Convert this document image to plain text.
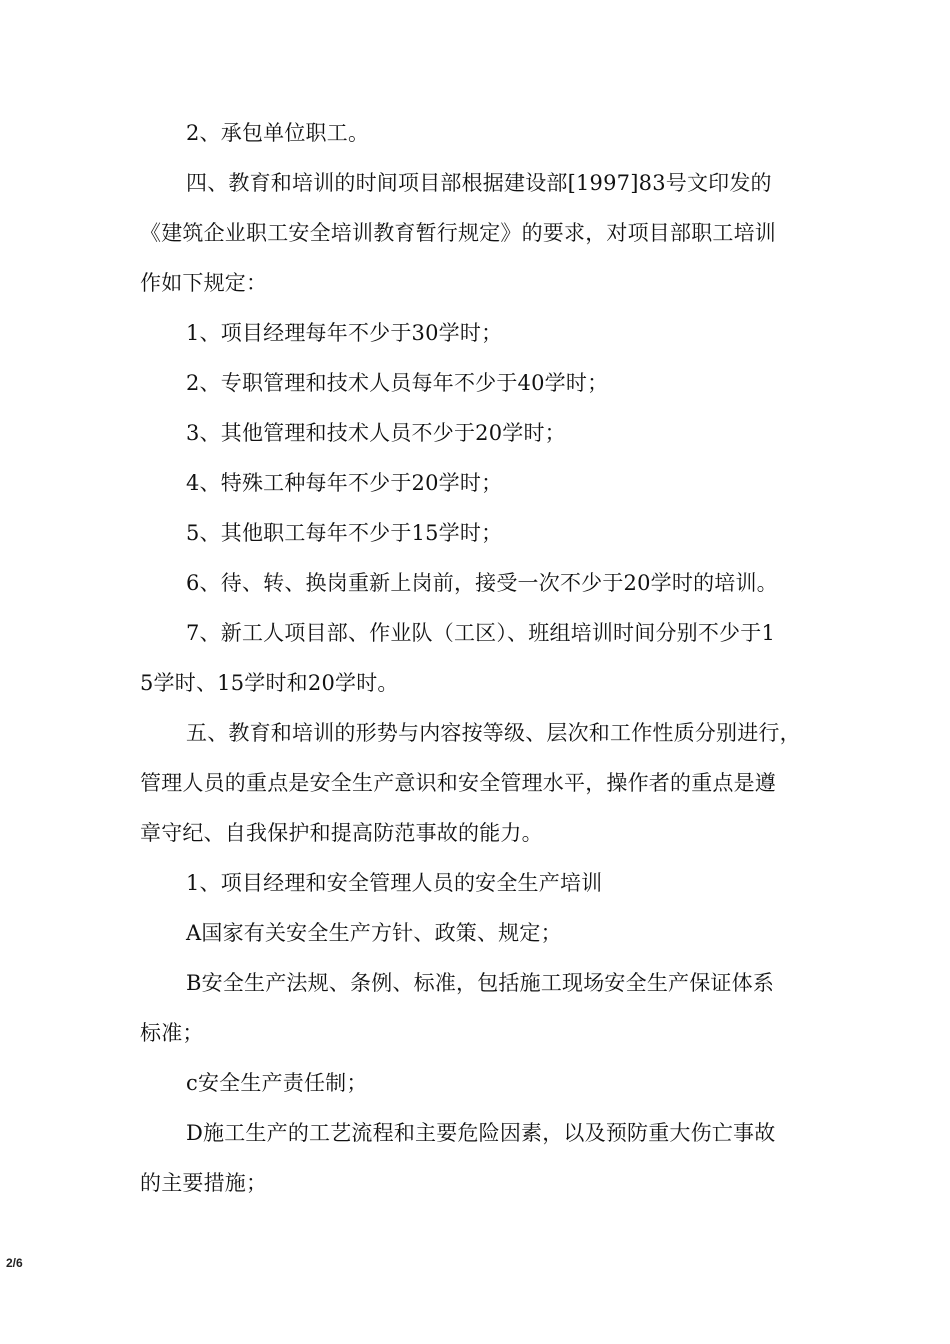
2、承包单位职工。
四、教育和培训的时间项目部根据建设部[1997]83号文印发的
《建筑企业职工安全培训教育暂行规定》的要求，对项目部职工培训
作如下规定：
1、项目经理每年不少于30学时；
2、专职管理和技术人员每年不少于40学时；
3、其他管理和技术人员不少于20学时；
4、特殊工种每年不少于20学时；
5、其他职工每年不少于15学时；
6、待、转、换岗重新上岗前，接受一次不少于20学时的培训。
7、新工人项目部、作业队（工区）、班组培训时间分别不少于1
5学时、15学时和20学时。
五、教育和培训的形势与内容按等级、层次和工作性质分别进行，
管理人员的重点是安全生产意识和安全管理水平，操作者的重点是遵
章守纪、自我保护和提高防范事故的能力。
1、项目经理和安全管理人员的安全生产培训
A国家有关安全生产方针、政策、规定；
B安全生产法规、条例、标准，包括施工现场安全生产保证体系
标准；
c安全生产责任制；
D施工生产的工艺流程和主要危险因素，以及预防重大伤亡事故
的主要措施；
2/6
